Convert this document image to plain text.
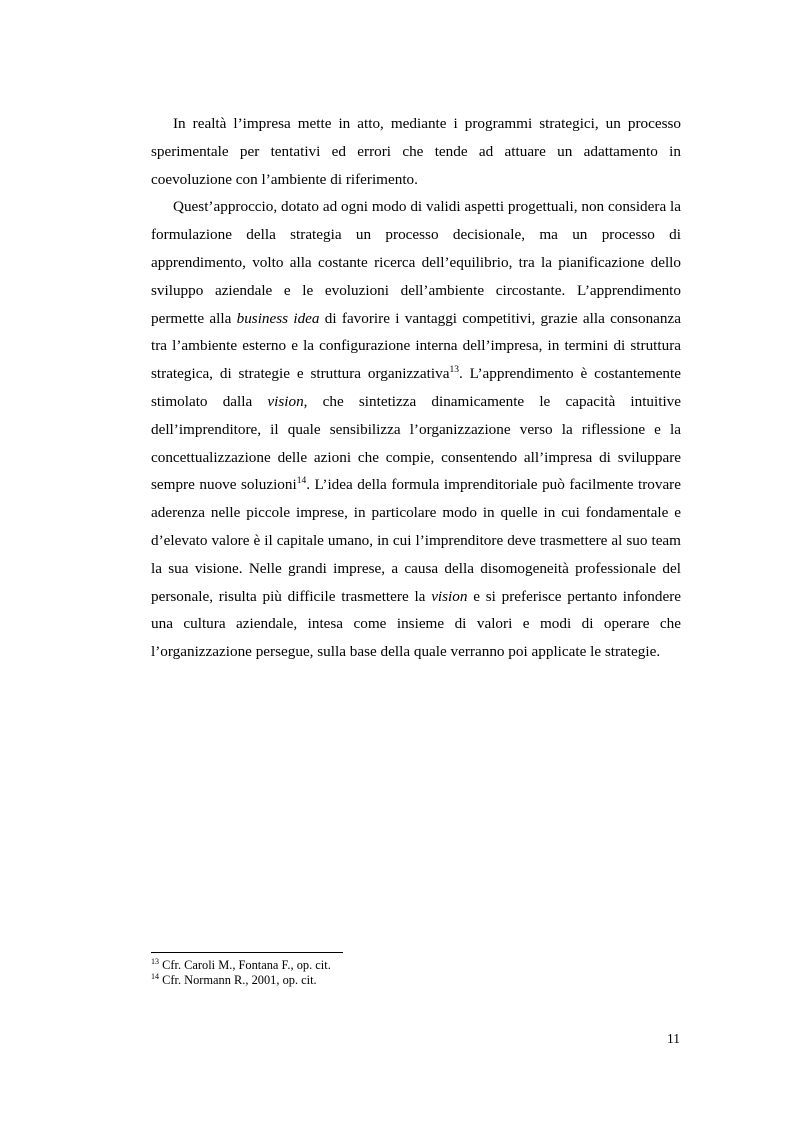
In realtà l’impresa mette in atto, mediante i programmi strategici, un processo sperimentale per tentativi ed errori che tende ad attuare un adattamento in coevoluzione con l’ambiente di riferimento.

Quest’approccio, dotato ad ogni modo di validi aspetti progettuali, non considera la formulazione della strategia un processo decisionale, ma un processo di apprendimento, volto alla costante ricerca dell’equilibrio, tra la pianificazione dello sviluppo aziendale e le evoluzioni dell’ambiente circostante. L’apprendimento permette alla business idea di favorire i vantaggi competitivi, grazie alla consonanza tra l’ambiente esterno e la configurazione interna dell’impresa, in termini di struttura strategica, di strategie e struttura organizzativa$^{13}$. L’apprendimento è costantemente stimolato dalla vision, che sintetizza dinamicamente le capacità intuitive dell’imprenditore, il quale sensibilizza l’organizzazione verso la riflessione e la concettualizzazione delle azioni che compie, consentendo all’impresa di sviluppare sempre nuove soluzioni$^{14}$. L’idea della formula imprenditoriale può facilmente trovare aderenza nelle piccole imprese, in particolare modo in quelle in cui fondamentale e d’elevato valore è il capitale umano, in cui l’imprenditore deve trasmettere al suo team la sua visione. Nelle grandi imprese, a causa della disomogeneità professionale del personale, risulta più difficile trasmettere la vision e si preferisce pertanto infondere una cultura aziendale, intesa come insieme di valori e modi di operare che l’organizzazione persegue, sulla base della quale verranno poi applicate le strategie.

$^{13}$ Cfr. Caroli M., Fontana F., op. cit.

$^{14}$ Cfr. Normann R., 2001, op. cit.

11
